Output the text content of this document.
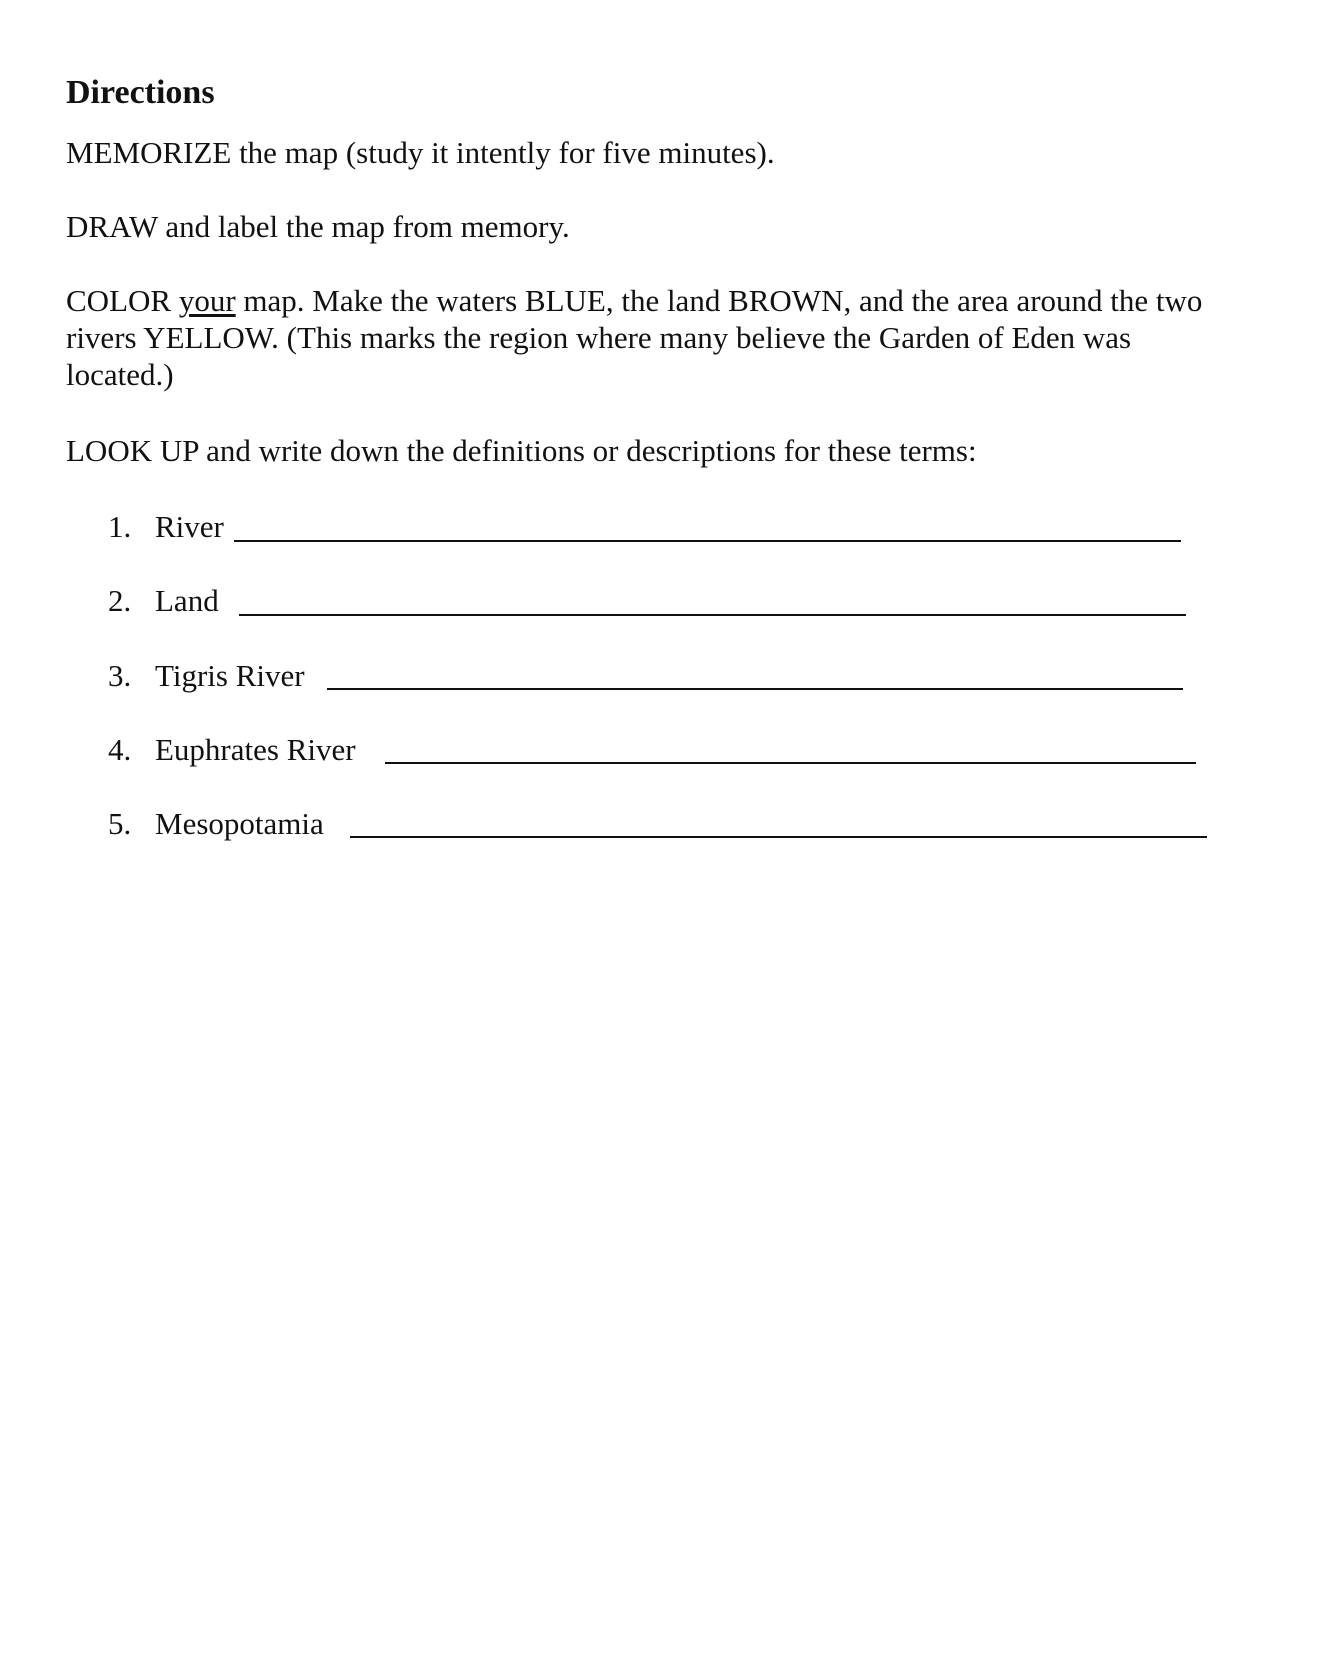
Directions

MEMORIZE the map (study it intently for five minutes).

DRAW and label the map from memory.

COLOR your map. Make the waters BLUE, the land BROWN, and the area around the two
rivers YELLOW. (This marks the region where many believe the Garden of Eden was
located.)

LOOK UP and write down the definitions or descriptions for these terms:

1. River
2. Land
3. Tigris River
4. Euphrates River
5. Mesopotamia
